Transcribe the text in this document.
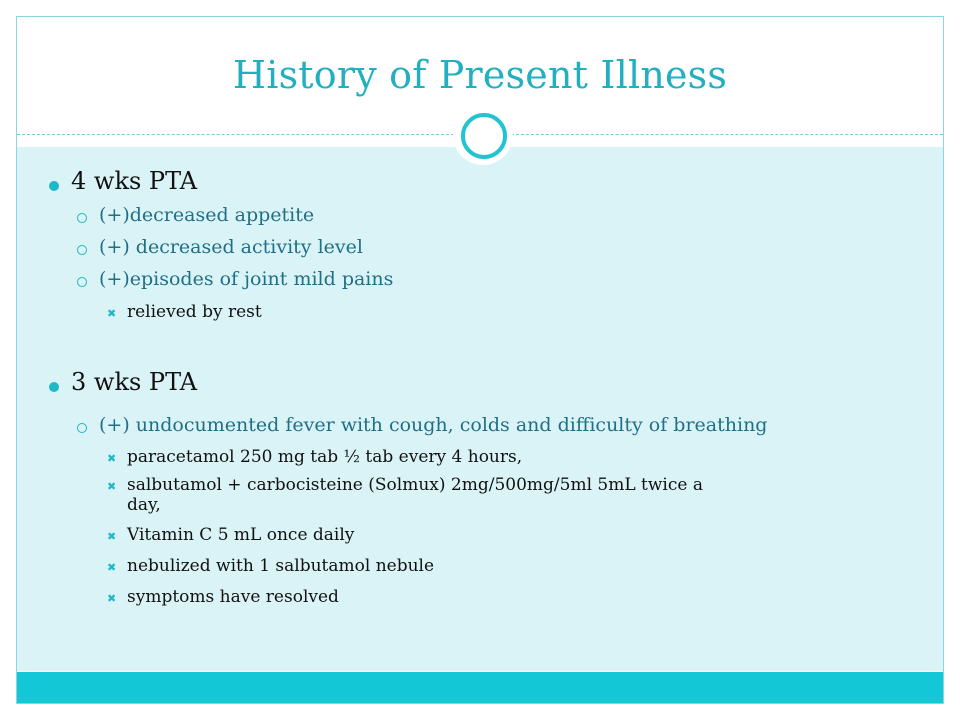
History of Present Illness
4 wks PTA
(+)decreased appetite
(+) decreased activity level
(+)episodes of joint mild pains
✖ relieved by rest
3 wks PTA
(+) undocumented fever with cough, colds and difficulty of breathing
✖ paracetamol 250 mg tab ½ tab every 4 hours,
✖ salbutamol + carbocisteine (Solmux) 2mg/500mg/5ml 5mL twice a
day,
✖ Vitamin C 5 mL once daily
✖ nebulized with 1 salbutamol nebule
✖ symptoms have resolved
